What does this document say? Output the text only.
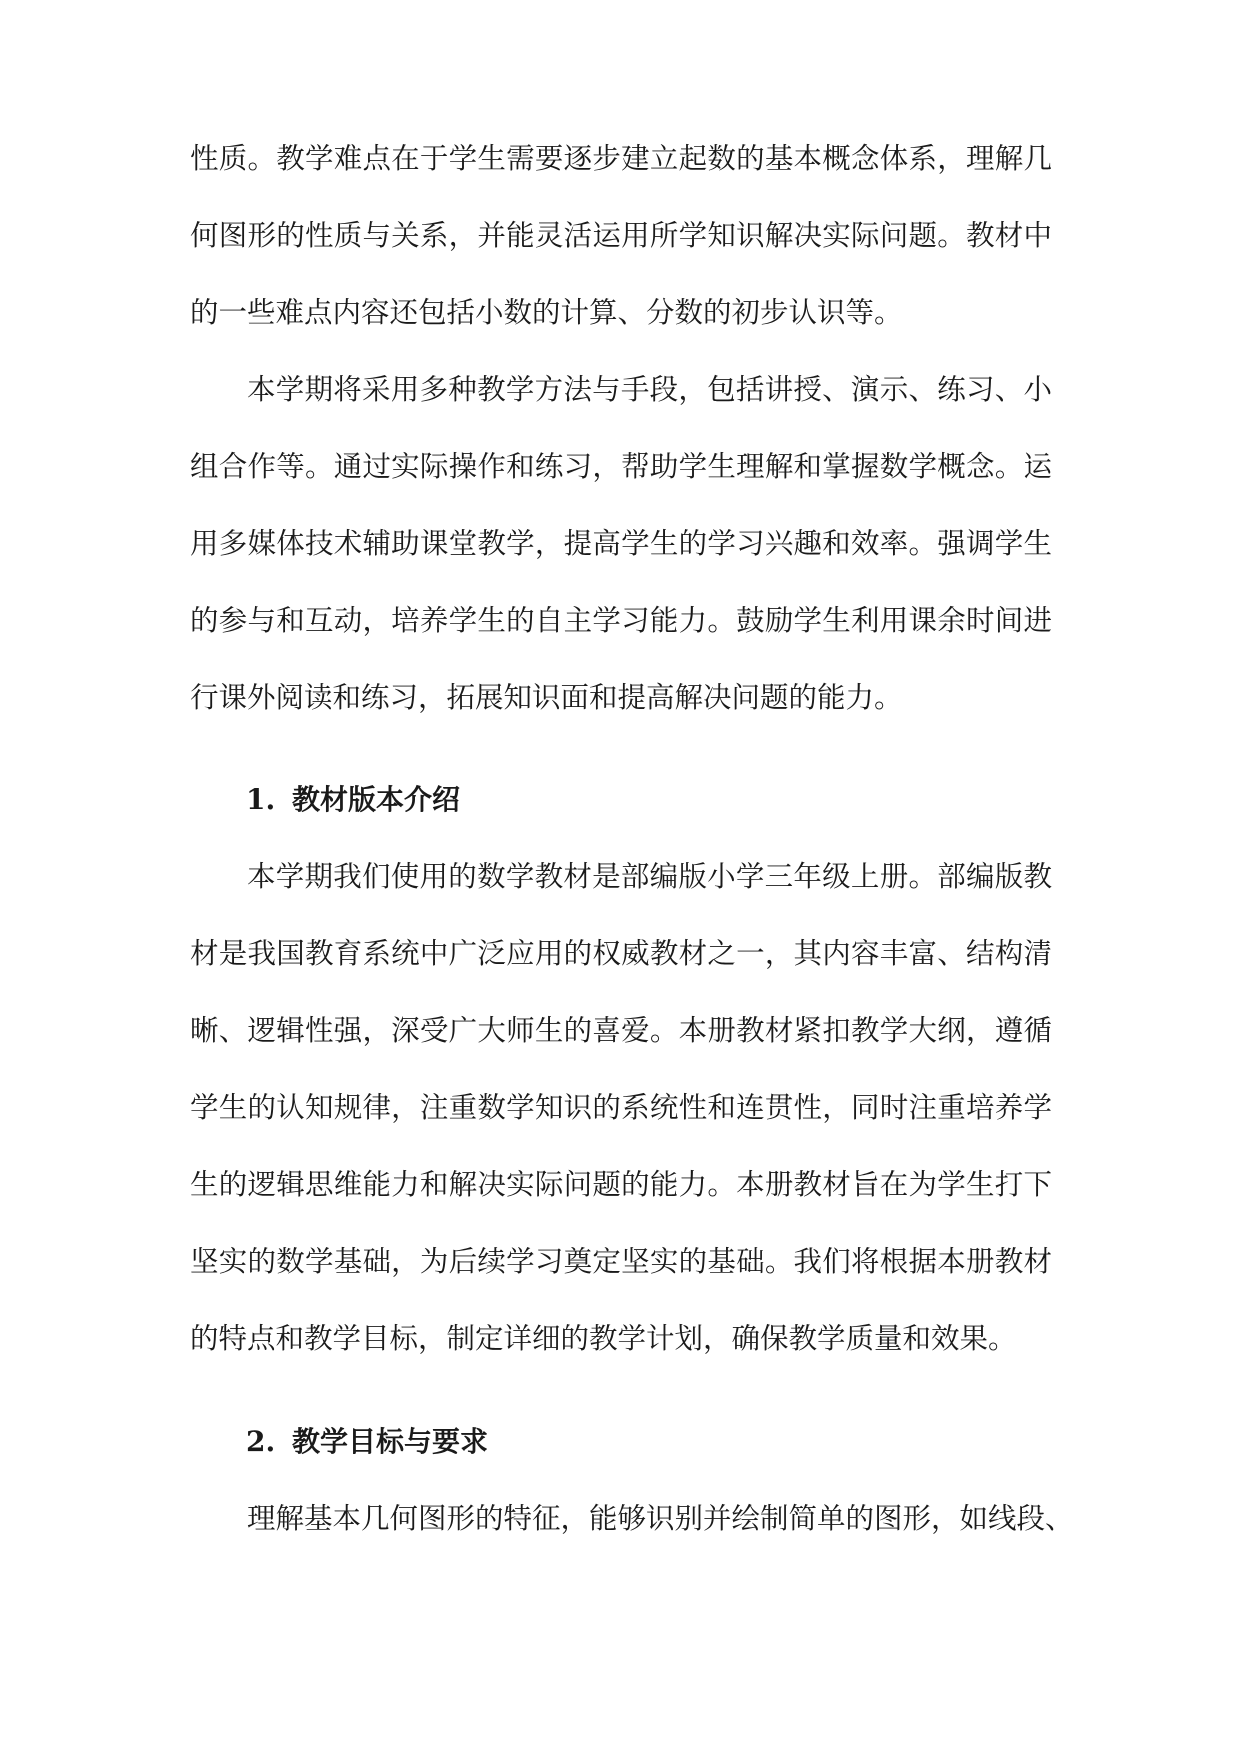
性质。教学难点在于学生需要逐步建立起数的基本概念体系，理解几

何图形的性质与关系，并能灵活运用所学知识解决实际问题。教材中

的一些难点内容还包括小数的计算、分数的初步认识等。

本学期将采用多种教学方法与手段，包括讲授、演示、练习、小

组合作等。通过实际操作和练习，帮助学生理解和掌握数学概念。运

用多媒体技术辅助课堂教学，提高学生的学习兴趣和效率。强调学生

的参与和互动，培养学生的自主学习能力。鼓励学生利用课余时间进

行课外阅读和练习，拓展知识面和提高解决问题的能力。

1. 教材版本介绍

本学期我们使用的数学教材是部编版小学三年级上册。部编版教

材是我国教育系统中广泛应用的权威教材之一，其内容丰富、结构清

晰、逻辑性强，深受广大师生的喜爱。本册教材紧扣教学大纲，遵循

学生的认知规律，注重数学知识的系统性和连贯性，同时注重培养学

生的逻辑思维能力和解决实际问题的能力。本册教材旨在为学生打下

坚实的数学基础，为后续学习奠定坚实的基础。我们将根据本册教材

的特点和教学目标，制定详细的教学计划，确保教学质量和效果。

2. 教学目标与要求

理解基本几何图形的特征，能够识别并绘制简单的图形，如线段、
